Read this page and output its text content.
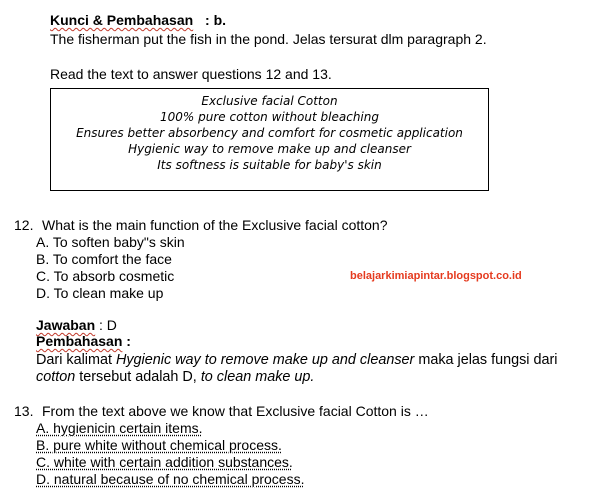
Kunci & Pembahasan : b.
The fisherman put the fish in the pond. Jelas tersurat dlm paragraph 2.
Read the text to answer questions 12 and 13.
Exclusive facial Cotton
100% pure cotton without bleaching
Ensures better absorbency and comfort for cosmetic application
Hygienic way to remove make up and cleanser
Its softness is suitable for baby's skin
12. What is the main function of the Exclusive facial cotton?
A. To soften baby"s skin
B. To comfort the face
C. To absorb cosmetic
D. To clean make up
belajarkimiapintar.blogspot.co.id
Jawaban : D
Pembahasan :
Dari kalimat Hygienic way to remove make up and cleanser maka jelas fungsi dari
cotton tersebut adalah D, to clean make up.
13. From the text above we know that Exclusive facial Cotton is …
A. hygienicin certain items.
B. pure white without chemical process.
C. white with certain addition substances.
D. natural because of no chemical process.
